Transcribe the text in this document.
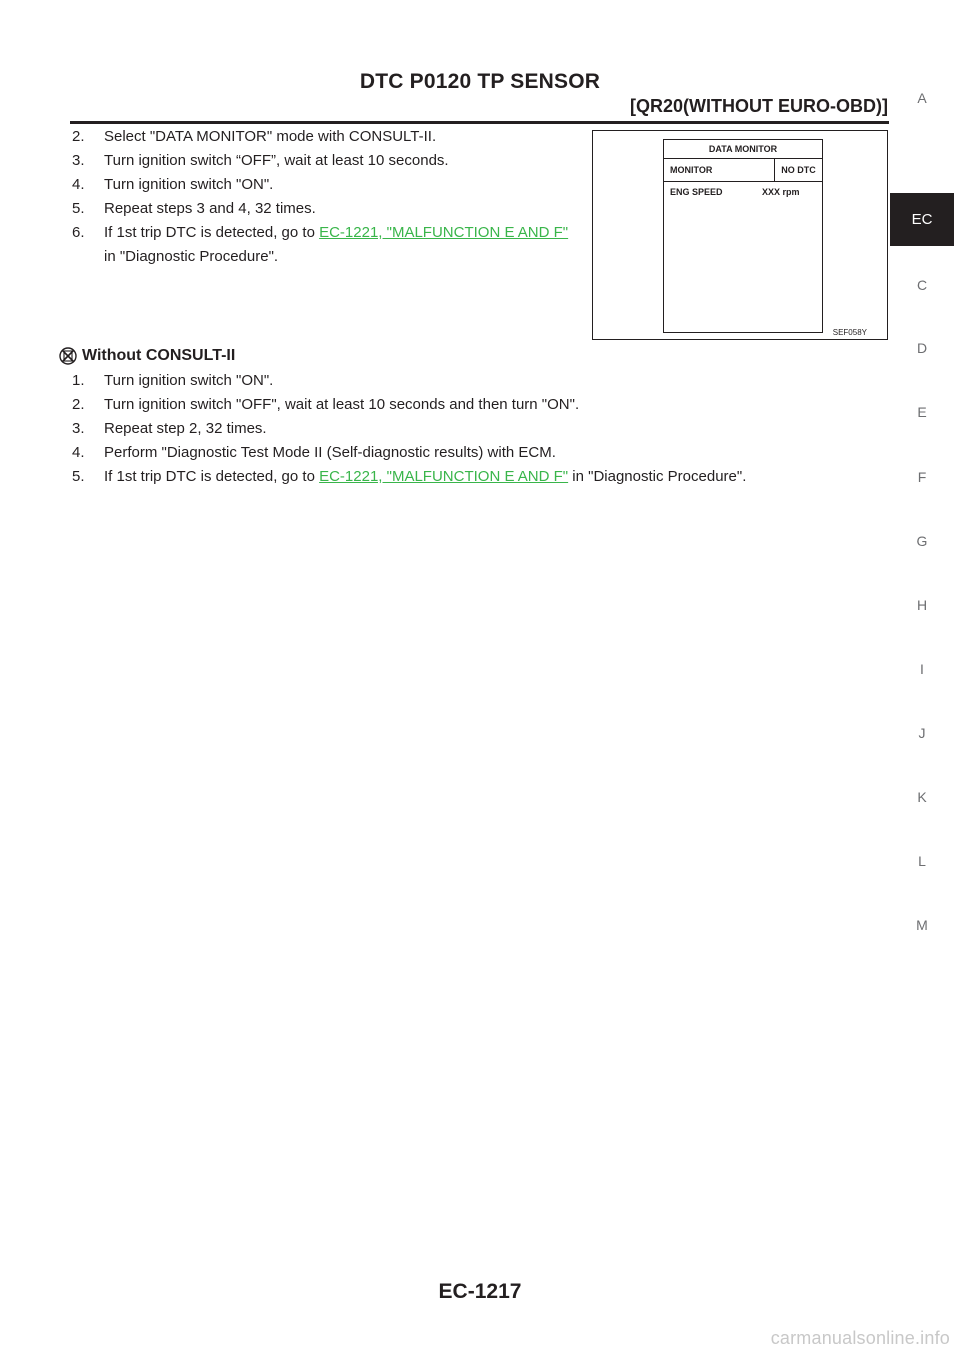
DTC P0120 TP SENSOR
[QR20(WITHOUT EURO-OBD)]	A
EC
C
D
E
F
G
H
I
J
K
L
M
2. Select "DATA MONITOR" mode with CONSULT-II.
3. Turn ignition switch “OFF”, wait at least 10 seconds.
4. Turn ignition switch "ON".
5. Repeat steps 3 and 4, 32 times.
6. If 1st trip DTC is detected, go to EC-1221, "MALFUNCTION E AND F" in "Diagnostic Procedure".
DATA MONITOR
MONITOR	NO DTC
ENG SPEED	XXX rpm
SEF058Y
Without CONSULT-II
1. Turn ignition switch "ON".
2. Turn ignition switch "OFF", wait at least 10 seconds and then turn "ON".
3. Repeat step 2, 32 times.
4. Perform "Diagnostic Test Mode II (Self-diagnostic results) with ECM.
5. If 1st trip DTC is detected, go to EC-1221, "MALFUNCTION E AND F" in "Diagnostic Procedure".
EC-1217
carmanualsonline.info
